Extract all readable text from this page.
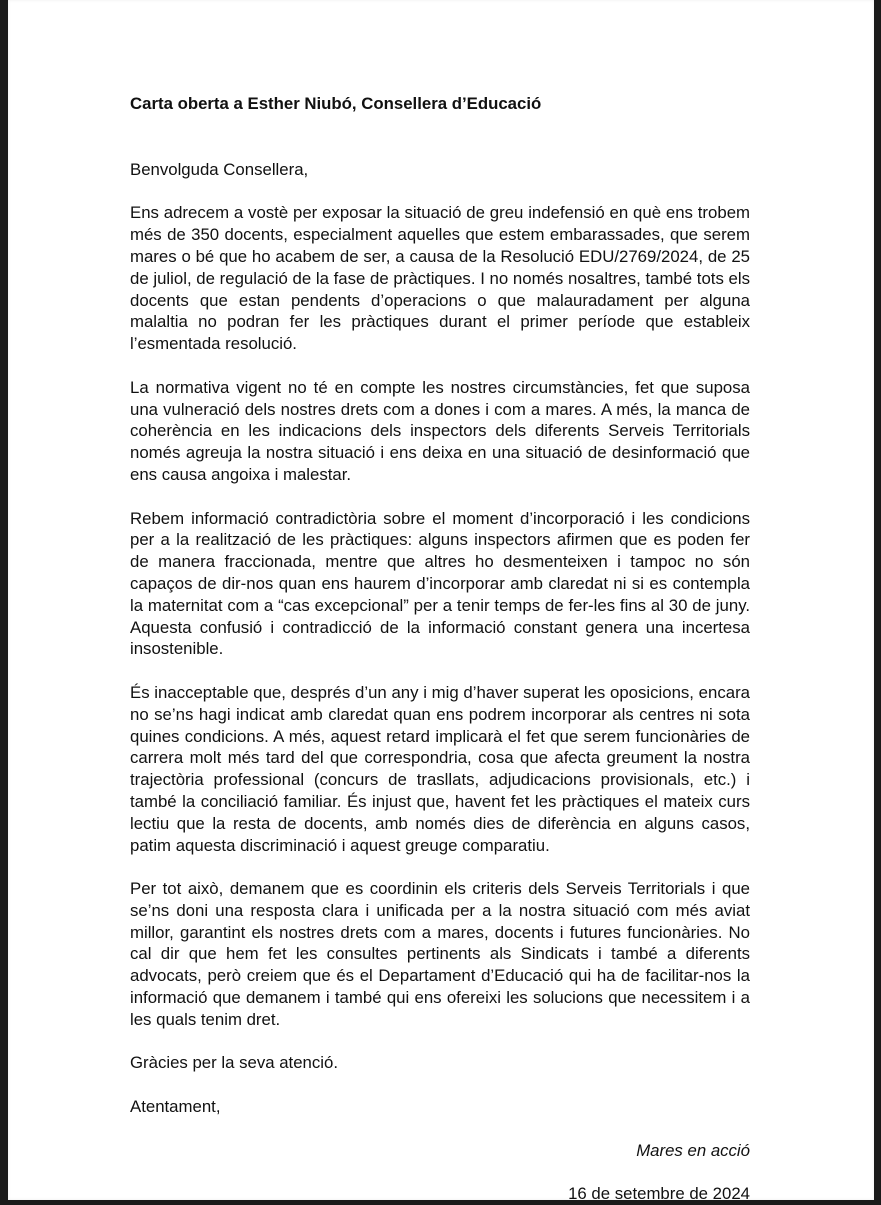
Carta oberta a Esther Niubó, Consellera d’Educació

Benvolguda Consellera,

Ens adrecem a vostè per exposar la situació de greu indefensió en què ens trobem més de 350 docents, especialment aquelles que estem embarassades, que serem mares o bé que ho acabem de ser, a causa de la Resolució EDU/2769/2024, de 25 de juliol, de regulació de la fase de pràctiques. I no només nosaltres, també tots els docents que estan pendents d’operacions o que malauradament per alguna malaltia no podran fer les pràctiques durant el primer període que estableix l’esmentada resolució.

La normativa vigent no té en compte les nostres circumstàncies, fet que suposa una vulneració dels nostres drets com a dones i com a mares. A més, la manca de coherència en les indicacions dels inspectors dels diferents Serveis Territorials només agreuja la nostra situació i ens deixa en una situació de desinformació que ens causa angoixa i malestar.

Rebem informació contradictòria sobre el moment d’incorporació i les condicions per a la realització de les pràctiques: alguns inspectors afirmen que es poden fer de manera fraccionada, mentre que altres ho desmenteixen i tampoc no són capaços de dir-nos quan ens haurem d’incorporar amb claredat ni si es contempla la maternitat com a “cas excepcional” per a tenir temps de fer-les fins al 30 de juny. Aquesta confusió i contradicció de la informació constant genera una incertesa insostenible.

És inacceptable que, després d’un any i mig d’haver superat les oposicions, encara no se’ns hagi indicat amb claredat quan ens podrem incorporar als centres ni sota quines condicions. A més, aquest retard implicarà el fet que serem funcionàries de carrera molt més tard del que correspondria, cosa que afecta greument la nostra trajectòria professional (concurs de trasllats, adjudicacions provisionals, etc.) i també la conciliació familiar. És injust que, havent fet les pràctiques el mateix curs lectiu que la resta de docents, amb només dies de diferència en alguns casos, patim aquesta discriminació i aquest greuge comparatiu.

Per tot això, demanem que es coordinin els criteris dels Serveis Territorials i que se’ns doni una resposta clara i unificada per a la nostra situació com més aviat millor, garantint els nostres drets com a mares, docents i futures funcionàries. No cal dir que hem fet les consultes pertinents als Sindicats i també a diferents advocats, però creiem que és el Departament d’Educació qui ha de facilitar-nos la informació que demanem i també qui ens ofereixi les solucions que necessitem i a les quals tenim dret.

Gràcies per la seva atenció.

Atentament,

Mares en acció

16 de setembre de 2024
